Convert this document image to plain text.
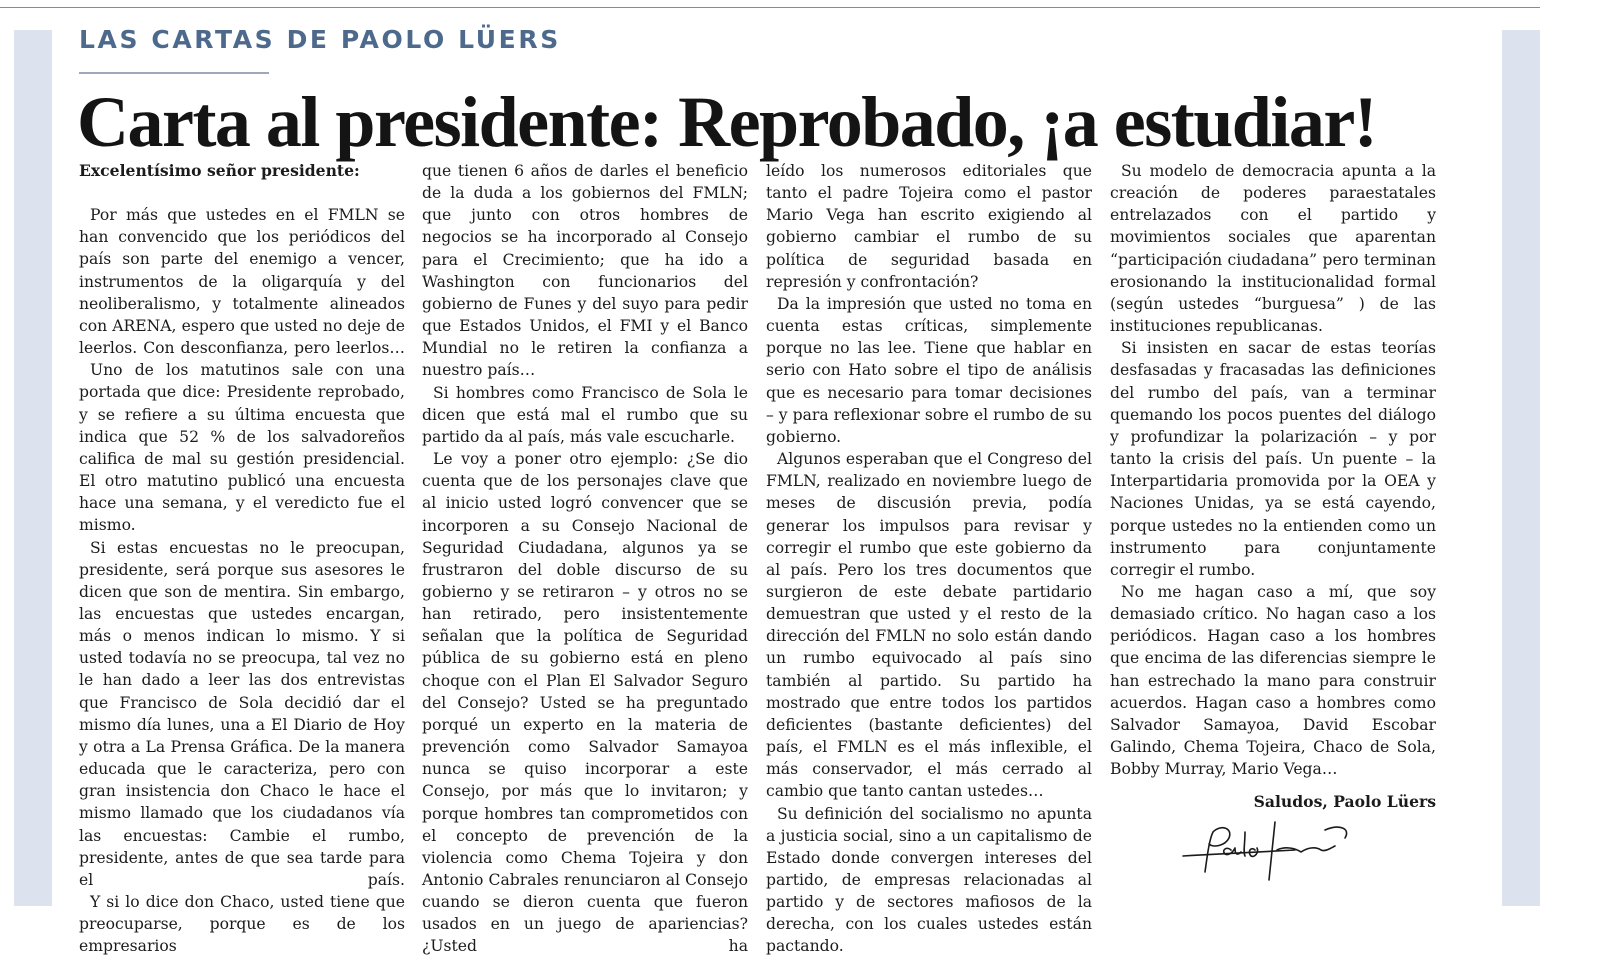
LAS CARTAS DE PAOLO LÜERS
Carta al presidente: Reprobado, ¡a estudiar!

Excelentísimo señor presidente:

Por más que ustedes en el FMLN se han convencido que los periódicos del país son parte del enemigo a vencer, instrumentos de la oligarquía y del neoliberalismo, y totalmente alineados con ARENA, espero que usted no deje de leerlos. Con desconfianza, pero leerlos…

Uno de los matutinos sale con una portada que dice: Presidente reprobado, y se refiere a su última encuesta que indica que 52 % de los salvadoreños califica de mal su gestión presidencial. El otro matutino publicó una encuesta hace una semana, y el veredicto fue el mismo.

Si estas encuestas no le preocupan, presidente, será porque sus asesores le dicen que son de mentira. Sin embargo, las encuestas que ustedes encargan, más o menos indican lo mismo. Y si usted todavía no se preocupa, tal vez no le han dado a leer las dos entrevistas que Francisco de Sola decidió dar el mismo día lunes, una a El Diario de Hoy y otra a La Prensa Gráfica. De la manera educada que le caracteriza, pero con gran insistencia don Chaco le hace el mismo llamado que los ciudadanos vía las encuestas: Cambie el rumbo, presidente, antes de que sea tarde para el país.

Y si lo dice don Chaco, usted tiene que preocuparse, porque es de los empresarios

que tienen 6 años de darles el beneficio de la duda a los gobiernos del FMLN; que junto con otros hombres de negocios se ha incorporado al Consejo para el Crecimiento; que ha ido a Washington con funcionarios del gobierno de Funes y del suyo para pedir que Estados Unidos, el FMI y el Banco Mundial no le retiren la confianza a nuestro país…

Si hombres como Francisco de Sola le dicen que está mal el rumbo que su partido da al país, más vale escucharle.

Le voy a poner otro ejemplo: ¿Se dio cuenta que de los personajes clave que al inicio usted logró convencer que se incorporen a su Consejo Nacional de Seguridad Ciudadana, algunos ya se frustraron del doble discurso de su gobierno y se retiraron – y otros no se han retirado, pero insistentemente señalan que la política de Seguridad pública de su gobierno está en pleno choque con el Plan El Salvador Seguro del Consejo? Usted se ha preguntado porqué un experto en la materia de prevención como Salvador Samayoa nunca se quiso incorporar a este Consejo, por más que lo invitaron; y porque hombres tan comprometidos con el concepto de prevención de la violencia como Chema Tojeira y don Antonio Cabrales renunciaron al Consejo cuando se dieron cuenta que fueron usados en un juego de apariencias? ¿Usted ha

leído los numerosos editoriales que tanto el padre Tojeira como el pastor Mario Vega han escrito exigiendo al gobierno cambiar el rumbo de su política de seguridad basada en represión y confrontación?

Da la impresión que usted no toma en cuenta estas críticas, simplemente porque no las lee. Tiene que hablar en serio con Hato sobre el tipo de análisis que es necesario para tomar decisiones – y para reflexionar sobre el rumbo de su gobierno.

Algunos esperaban que el Congreso del FMLN, realizado en noviembre luego de meses de discusión previa, podía generar los impulsos para revisar y corregir el rumbo que este gobierno da al país. Pero los tres documentos que surgieron de este debate partidario demuestran que usted y el resto de la dirección del FMLN no solo están dando un rumbo equivocado al país sino también al partido. Su partido ha mostrado que entre todos los partidos deficientes (bastante deficientes) del país, el FMLN es el más inflexible, el más conservador, el más cerrado al cambio que tanto cantan ustedes…

Su definición del socialismo no apunta a justicia social, sino a un capitalismo de Estado donde convergen intereses del partido, de empresas relacionadas al partido y de sectores mafiosos de la derecha, con los cuales ustedes están pactando.

Su modelo de democracia apunta a la creación de poderes paraestatales entrelazados con el partido y movimientos sociales que aparentan “participación ciudadana” pero terminan erosionando la institucionalidad formal (según ustedes “burguesa” ) de las instituciones republicanas.

Si insisten en sacar de estas teorías desfasadas y fracasadas las definiciones del rumbo del país, van a terminar quemando los pocos puentes del diálogo y profundizar la polarización – y por tanto la crisis del país. Un puente – la Interpartidaria promovida por la OEA y Naciones Unidas, ya se está cayendo, porque ustedes no la entienden como un instrumento para conjuntamente corregir el rumbo.

No me hagan caso a mí, que soy demasiado crítico. No hagan caso a los periódicos. Hagan caso a los hombres que encima de las diferencias siempre le han estrechado la mano para construir acuerdos. Hagan caso a hombres como Salvador Samayoa, David Escobar Galindo, Chema Tojeira, Chaco de Sola, Bobby Murray, Mario Vega…

Saludos, Paolo Lüers
